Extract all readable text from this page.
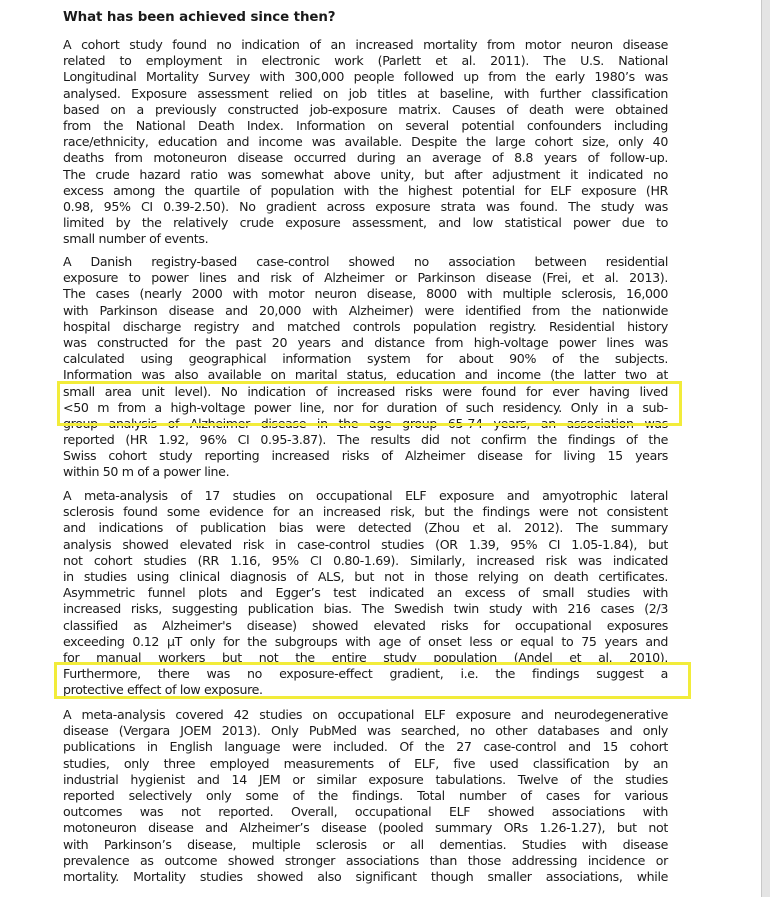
What has been achieved since then?
A cohort study found no indication of an increased mortality from motor neuron disease
related to employment in electronic work (Parlett et al. 2011). The U.S. National
Longitudinal Mortality Survey with 300,000 people followed up from the early 1980’s was
analysed. Exposure assessment relied on job titles at baseline, with further classification
based on a previously constructed job-exposure matrix. Causes of death were obtained
from the National Death Index. Information on several potential confounders including
race/ethnicity, education and income was available. Despite the large cohort size, only 40
deaths from motoneuron disease occurred during an average of 8.8 years of follow-up.
The crude hazard ratio was somewhat above unity, but after adjustment it indicated no
excess among the quartile of population with the highest potential for ELF exposure (HR
0.98, 95% CI 0.39-2.50). No gradient across exposure strata was found. The study was
limited by the relatively crude exposure assessment, and low statistical power due to
small number of events.
A Danish registry-based case-control showed no association between residential
exposure to power lines and risk of Alzheimer or Parkinson disease (Frei, et al. 2013).
The cases (nearly 2000 with motor neuron disease, 8000 with multiple sclerosis, 16,000
with Parkinson disease and 20,000 with Alzheimer) were identified from the nationwide
hospital discharge registry and matched controls population registry. Residential history
was constructed for the past 20 years and distance from high-voltage power lines was
calculated using geographical information system for about 90% of the subjects.
Information was also available on marital status, education and income (the latter two at
small area unit level). No indication of increased risks were found for ever having lived
<50 m from a high-voltage power line, nor for duration of such residency. Only in a sub-
group analysis of Alzheimer disease in the age group 65-74 years, an association was
reported (HR 1.92, 96% CI 0.95-3.87). The results did not confirm the findings of the
Swiss cohort study reporting increased risks of Alzheimer disease for living 15 years
within 50 m of a power line.
A meta-analysis of 17 studies on occupational ELF exposure and amyotrophic lateral
sclerosis found some evidence for an increased risk, but the findings were not consistent
and indications of publication bias were detected (Zhou et al. 2012). The summary
analysis showed elevated risk in case-control studies (OR 1.39, 95% CI 1.05-1.84), but
not cohort studies (RR 1.16, 95% CI 0.80-1.69). Similarly, increased risk was indicated
in studies using clinical diagnosis of ALS, but not in those relying on death certificates.
Asymmetric funnel plots and Egger’s test indicated an excess of small studies with
increased risks, suggesting publication bias. The Swedish twin study with 216 cases (2/3
classified as Alzheimer's disease) showed elevated risks for occupational exposures
exceeding 0.12 µT only for the subgroups with age of onset less or equal to 75 years and
for manual workers but not the entire study population (Andel et al. 2010).
Furthermore, there was no exposure-effect gradient, i.e. the findings suggest a
protective effect of low exposure.
A meta-analysis covered 42 studies on occupational ELF exposure and neurodegenerative
disease (Vergara JOEM 2013). Only PubMed was searched, no other databases and only
publications in English language were included. Of the 27 case-control and 15 cohort
studies, only three employed measurements of ELF, five used classification by an
industrial hygienist and 14 JEM or similar exposure tabulations. Twelve of the studies
reported selectively only some of the findings. Total number of cases for various
outcomes was not reported. Overall, occupational ELF showed associations with
motoneuron disease and Alzheimer’s disease (pooled summary ORs 1.26-1.27), but not
with Parkinson’s disease, multiple sclerosis or all dementias. Studies with disease
prevalence as outcome showed stronger associations than those addressing incidence or
mortality. Mortality studies showed also significant though smaller associations, while
